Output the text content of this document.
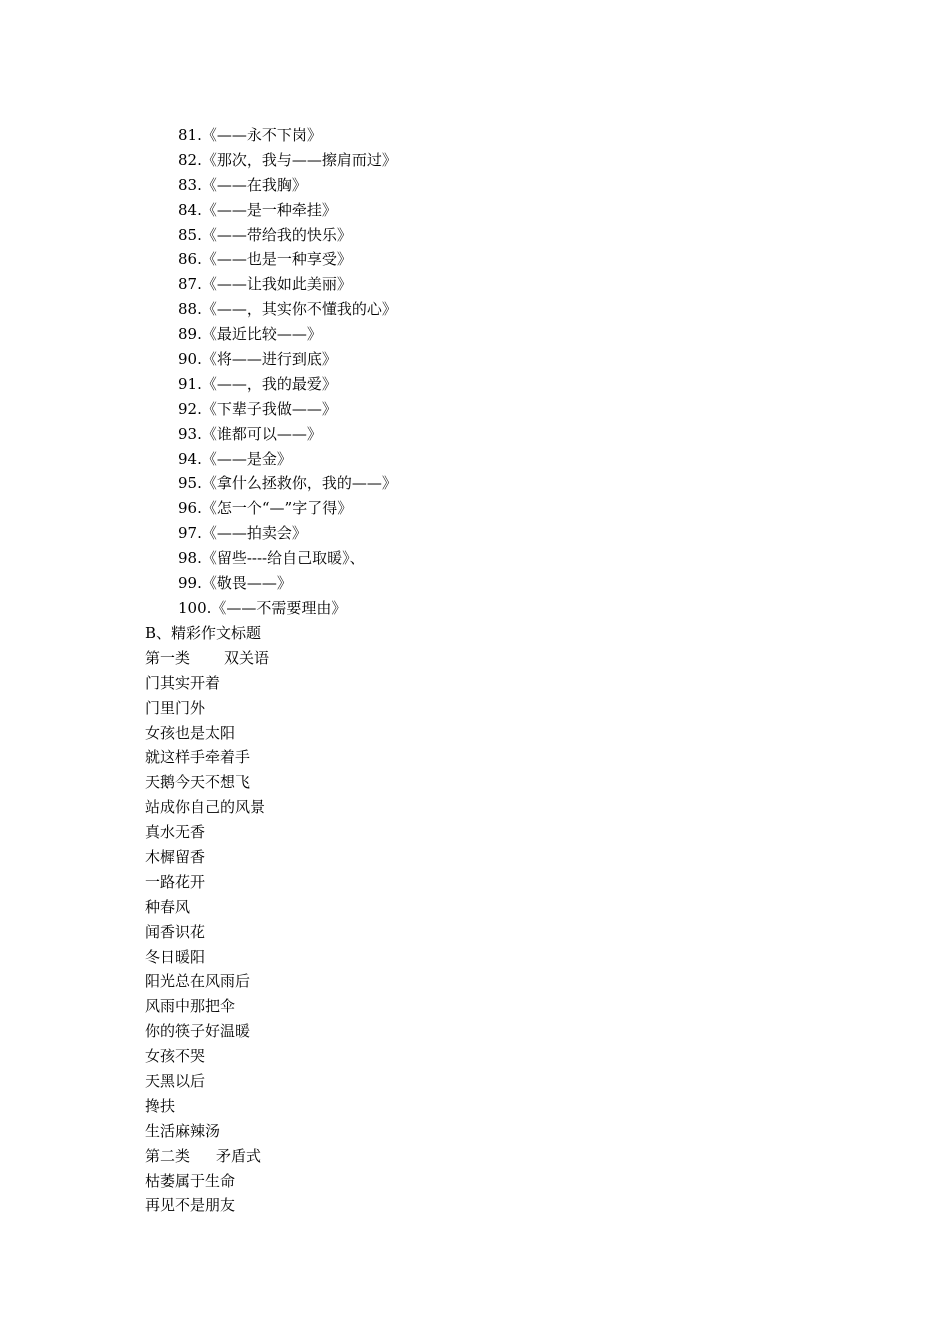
81.《——永不下岗》
82.《那次，我与——擦肩而过》
83.《——在我胸》
84.《——是一种牵挂》
85.《——带给我的快乐》
86.《——也是一种享受》
87.《——让我如此美丽》
88.《——，其实你不懂我的心》
89.《最近比较——》
90.《将——进行到底》
91.《——，我的最爱》
92.《下辈子我做——》
93.《谁都可以——》
94.《——是金》
95.《拿什么拯救你，我的——》
96.《怎一个“—”字了得》
97.《——拍卖会》
98.《留些----给自己取暖》、
99.《敬畏——》
100.《——不需要理由》
B、精彩作文标题
第一类 双关语
门其实开着
门里门外
女孩也是太阳
就这样手牵着手
天鹅今天不想飞
站成你自己的风景
真水无香
木樨留香
一路花开
种春风
闻香识花
冬日暖阳
阳光总在风雨后
风雨中那把伞
你的筷子好温暖
女孩不哭
天黑以后
搀扶
生活麻辣汤
第二类 矛盾式
枯萎属于生命
再见不是朋友
